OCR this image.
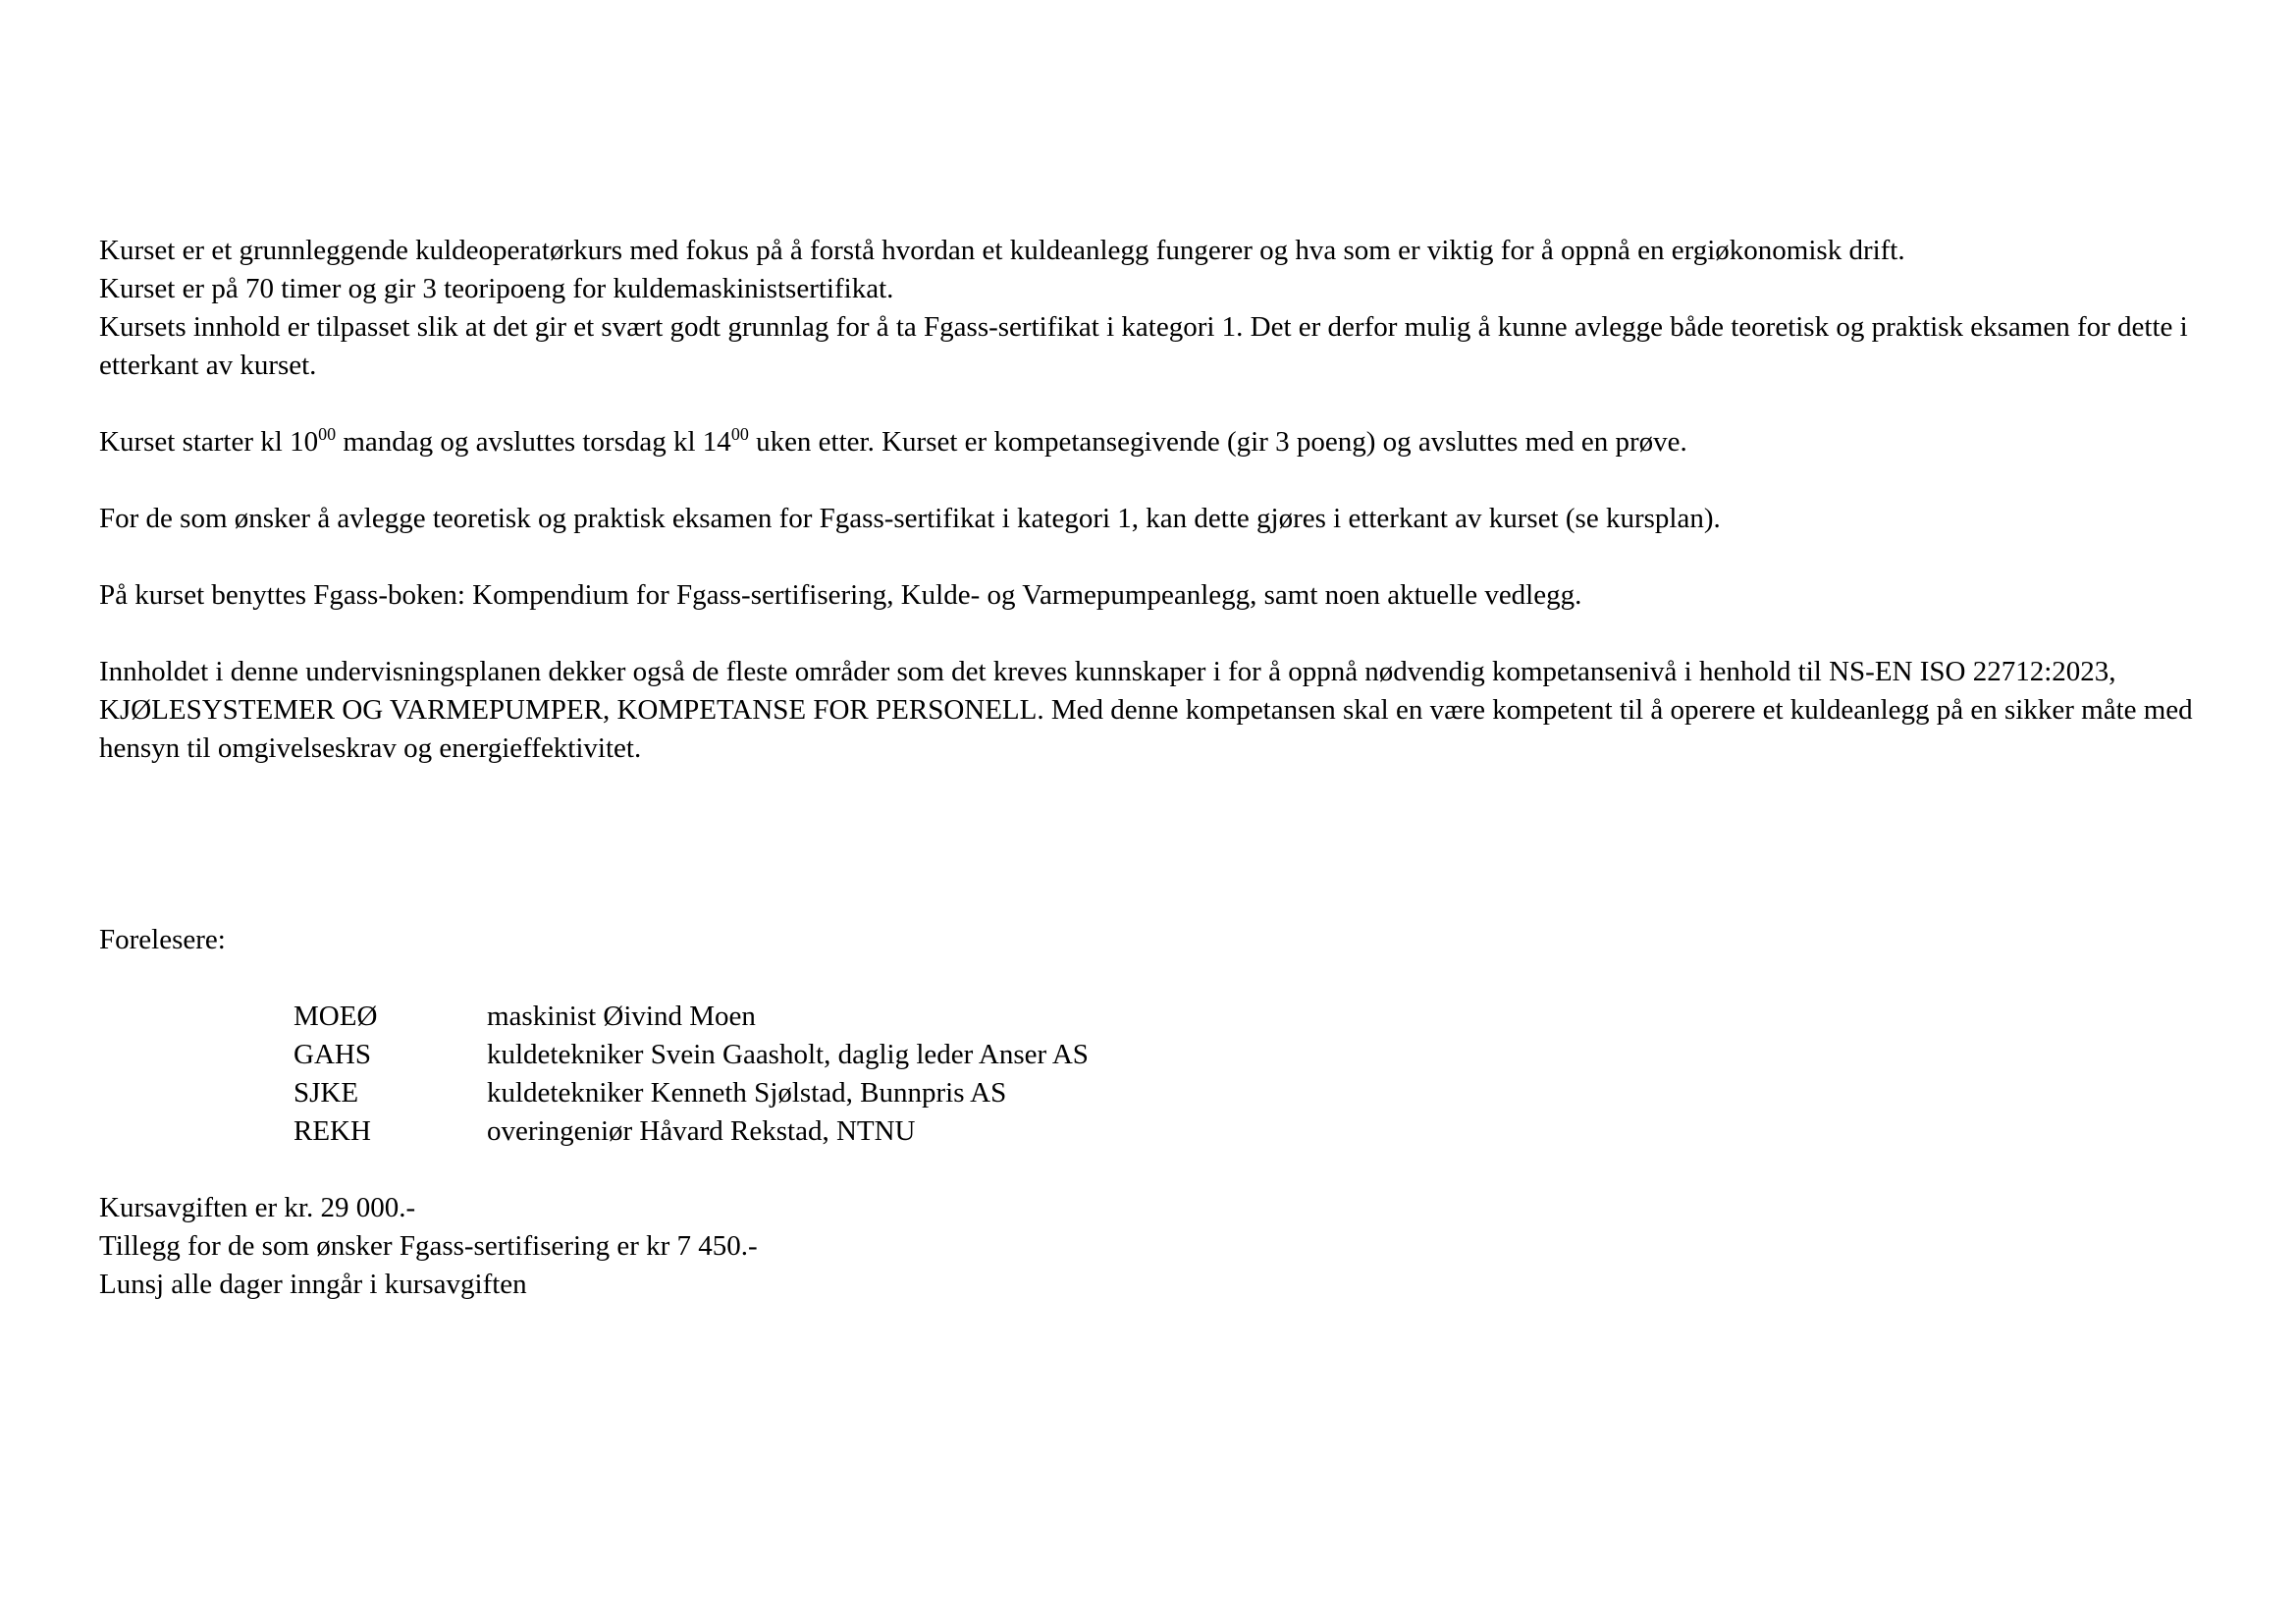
Kurset er et grunnleggende kuldeoperatørkurs med fokus på å forstå hvordan et kuldeanlegg fungerer og hva som er viktig for å oppnå en ergiøkonomisk drift.

Kurset er på 70 timer og gir 3 teoripoeng for kuldemaskinistsertifikat.

Kursets innhold er tilpasset slik at det gir et svært godt grunnlag for å ta Fgass-sertifikat i kategori 1. Det er derfor mulig å kunne avlegge både teoretisk og praktisk eksamen for dette i etterkant av kurset.

Kurset starter kl $10^{00}$ mandag og avsluttes torsdag kl $14^{00}$ uken etter. Kurset er kompetansegivende (gir 3 poeng) og avsluttes med en prøve.

For de som ønsker å avlegge teoretisk og praktisk eksamen for Fgass-sertifikat i kategori 1, kan dette gjøres i etterkant av kurset (se kursplan).

På kurset benyttes Fgass-boken: Kompendium for Fgass-sertifisering, Kulde- og Varmepumpeanlegg, samt noen aktuelle vedlegg.

Innholdet i denne undervisningsplanen dekker også de fleste områder som det kreves kunnskaper i for å oppnå nødvendig kompetansenivå i henhold til NS-EN ISO 22712:2023, KJØLESYSTEMER OG VARMEPUMPER, KOMPETANSE FOR PERSONELL. Med denne kompetansen skal en være kompetent til å operere et kuldeanlegg på en sikker måte med hensyn til omgivelseskrav og energieffektivitet.

Forelesere:

MOEØ	maskinist Øivind Moen
GAHS	kuldetekniker Svein Gaasholt, daglig leder Anser AS
SJKE	kuldetekniker Kenneth Sjølstad, Bunnpris AS
REKH	overingeniør Håvard Rekstad, NTNU

Kursavgiften er kr. 29 000.-

Tillegg for de som ønsker Fgass-sertifisering er kr 7 450.-

Lunsj alle dager inngår i kursavgiften
